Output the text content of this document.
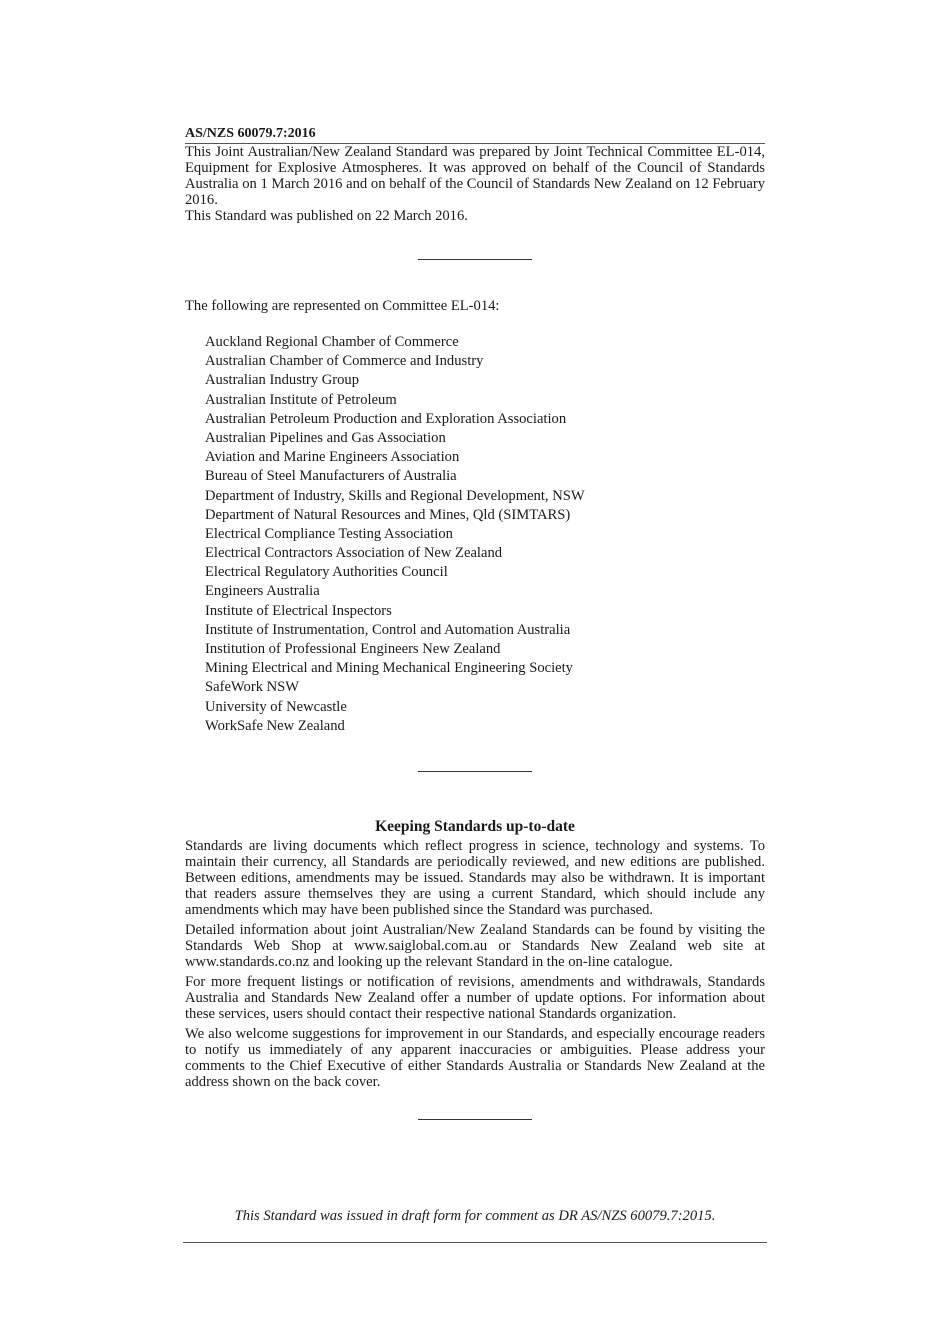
AS/NZS 60079.7:2016

This Joint Australian/New Zealand Standard was prepared by Joint Technical Committee EL-014, Equipment for Explosive Atmospheres. It was approved on behalf of the Council of Standards Australia on 1 March 2016 and on behalf of the Council of Standards New Zealand on 12 February 2016.

This Standard was published on 22 March 2016.

The following are represented on Committee EL-014:

Auckland Regional Chamber of Commerce
Australian Chamber of Commerce and Industry
Australian Industry Group
Australian Institute of Petroleum
Australian Petroleum Production and Exploration Association
Australian Pipelines and Gas Association
Aviation and Marine Engineers Association
Bureau of Steel Manufacturers of Australia
Department of Industry, Skills and Regional Development, NSW
Department of Natural Resources and Mines, Qld (SIMTARS)
Electrical Compliance Testing Association
Electrical Contractors Association of New Zealand
Electrical Regulatory Authorities Council
Engineers Australia
Institute of Electrical Inspectors
Institute of Instrumentation, Control and Automation Australia
Institution of Professional Engineers New Zealand
Mining Electrical and Mining Mechanical Engineering Society
SafeWork NSW
University of Newcastle
WorkSafe New Zealand
Keeping Standards up-to-date

Standards are living documents which reflect progress in science, technology and systems. To maintain their currency, all Standards are periodically reviewed, and new editions are published. Between editions, amendments may be issued. Standards may also be withdrawn. It is important that readers assure themselves they are using a current Standard, which should include any amendments which may have been published since the Standard was purchased.

Detailed information about joint Australian/New Zealand Standards can be found by visiting the Standards Web Shop at www.saiglobal.com.au or Standards New Zealand web site at www.standards.co.nz and looking up the relevant Standard in the on-line catalogue.

For more frequent listings or notification of revisions, amendments and withdrawals, Standards Australia and Standards New Zealand offer a number of update options. For information about these services, users should contact their respective national Standards organization.

We also welcome suggestions for improvement in our Standards, and especially encourage readers to notify us immediately of any apparent inaccuracies or ambiguities. Please address your comments to the Chief Executive of either Standards Australia or Standards New Zealand at the address shown on the back cover.

This Standard was issued in draft form for comment as DR AS/NZS 60079.7:2015.
